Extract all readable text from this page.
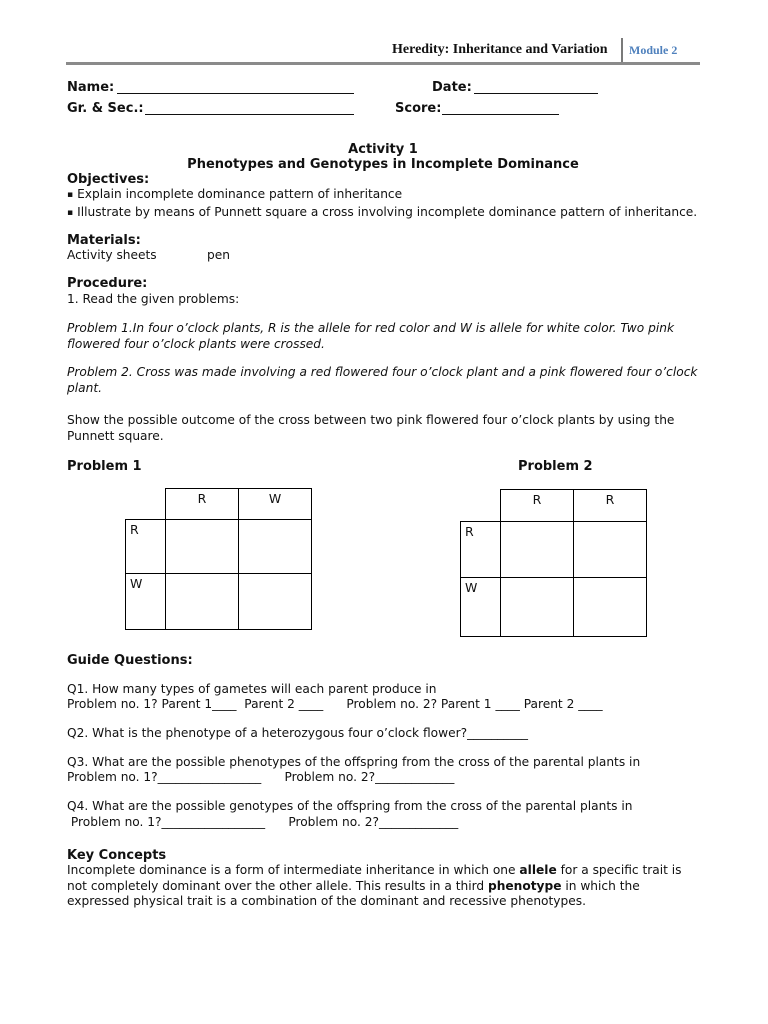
Heredity: Inheritance and Variation Module 2
Name:	Date:
Gr. & Sec.:	Score:
Activity 1
Phenotypes and Genotypes in Incomplete Dominance
Objectives:
▪ Explain incomplete dominance pattern of inheritance
▪ Illustrate by means of Punnett square a cross involving incomplete dominance pattern of inheritance.
Materials:
Activity sheets	pen
Procedure:
1. Read the given problems:
Problem 1.In four o’clock plants, R is the allele for red color and W is allele for white color. Two pink flowered four o’clock plants were crossed.
Problem 2. Cross was made involving a red flowered four o’clock plant and a pink flowered four o’clock plant.
Show the possible outcome of the cross between two pink flowered four o’clock plants by using the Punnett square.
Problem 1	Problem 2
	R	W
R		
W		
	R	R
R		
W		
Guide Questions:
Q1. How many types of gametes will each parent produce in
Problem no. 1? Parent 1____  Parent 2 ____      Problem no. 2? Parent 1 ____ Parent 2 ____
Q2. What is the phenotype of a heterozygous four o’clock flower?__________
Q3. What are the possible phenotypes of the offspring from the cross of the parental plants in
Problem no. 1?_________________      Problem no. 2?_____________
Q4. What are the possible genotypes of the offspring from the cross of the parental plants in
Problem no. 1?_________________      Problem no. 2?_____________
Key Concepts
Incomplete dominance is a form of intermediate inheritance in which one allele for a specific trait is not completely dominant over the other allele. This results in a third phenotype in which the expressed physical trait is a combination of the dominant and recessive phenotypes.
